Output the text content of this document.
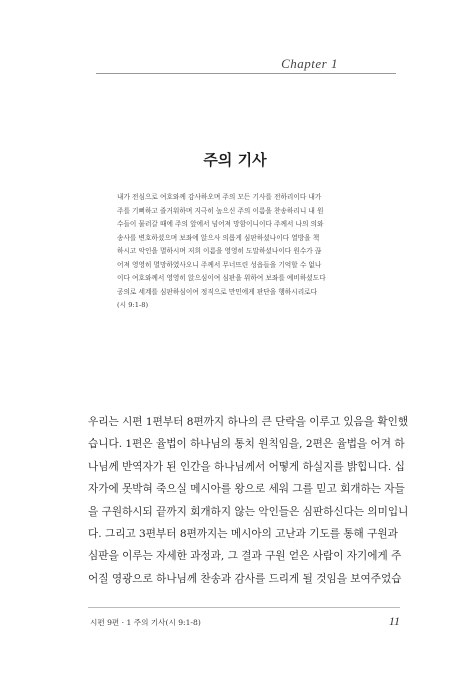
Chapter 1
주의 기사
내가 전심으로 여호와께 감사하오며 주의 모든 기사를 전하리이다 내가
주를 기뻐하고 즐거워하며 지극히 높으신 주의 이름을 찬송하리니 내 원
수들이 물러갈 때에 주의 앞에서 넘어져 망함이니이다 주께서 나의 의와
송사를 변호하셨으며 보좌에 앉으사 의롭게 심판하셨나이다 열방을 책
하시고 악인을 멸하시며 저희 이름을 영영히 도말하셨나이다 원수가 끊
어져 영영히 멸망하였사오니 주께서 무너뜨린 성읍들을 기억할 수 없나
이다 여호와께서 영영히 앉으심이여 심판을 위하여 보좌를 예비하셨도다
공의로 세계를 심판하심이여 정직으로 만민에게 판단을 행하시리로다
(시 9:1-8)
우리는 시편 1편부터 8편까지 하나의 큰 단락을 이루고 있음을 확인했
습니다. 1편은 율법이 하나님의 통치 원칙임을, 2편은 율법을 어겨 하
나님께 반역자가 된 인간을 하나님께서 어떻게 하실지를 밝힙니다. 십
자가에 못박혀 죽으실 메시아를 왕으로 세워 그를 믿고 회개하는 자들
을 구원하시되 끝까지 회개하지 않는 악인들은 심판하신다는 의미입니
다. 그리고 3편부터 8편까지는 메시아의 고난과 기도를 통해 구원과
심판을 이루는 자세한 과정과, 그 결과 구원 얻은 사람이 자기에게 주
어질 영광으로 하나님께 찬송과 감사를 드리게 될 것임을 보여주었습
시편 9편 · 1 주의 기사(시 9:1-8)	11
